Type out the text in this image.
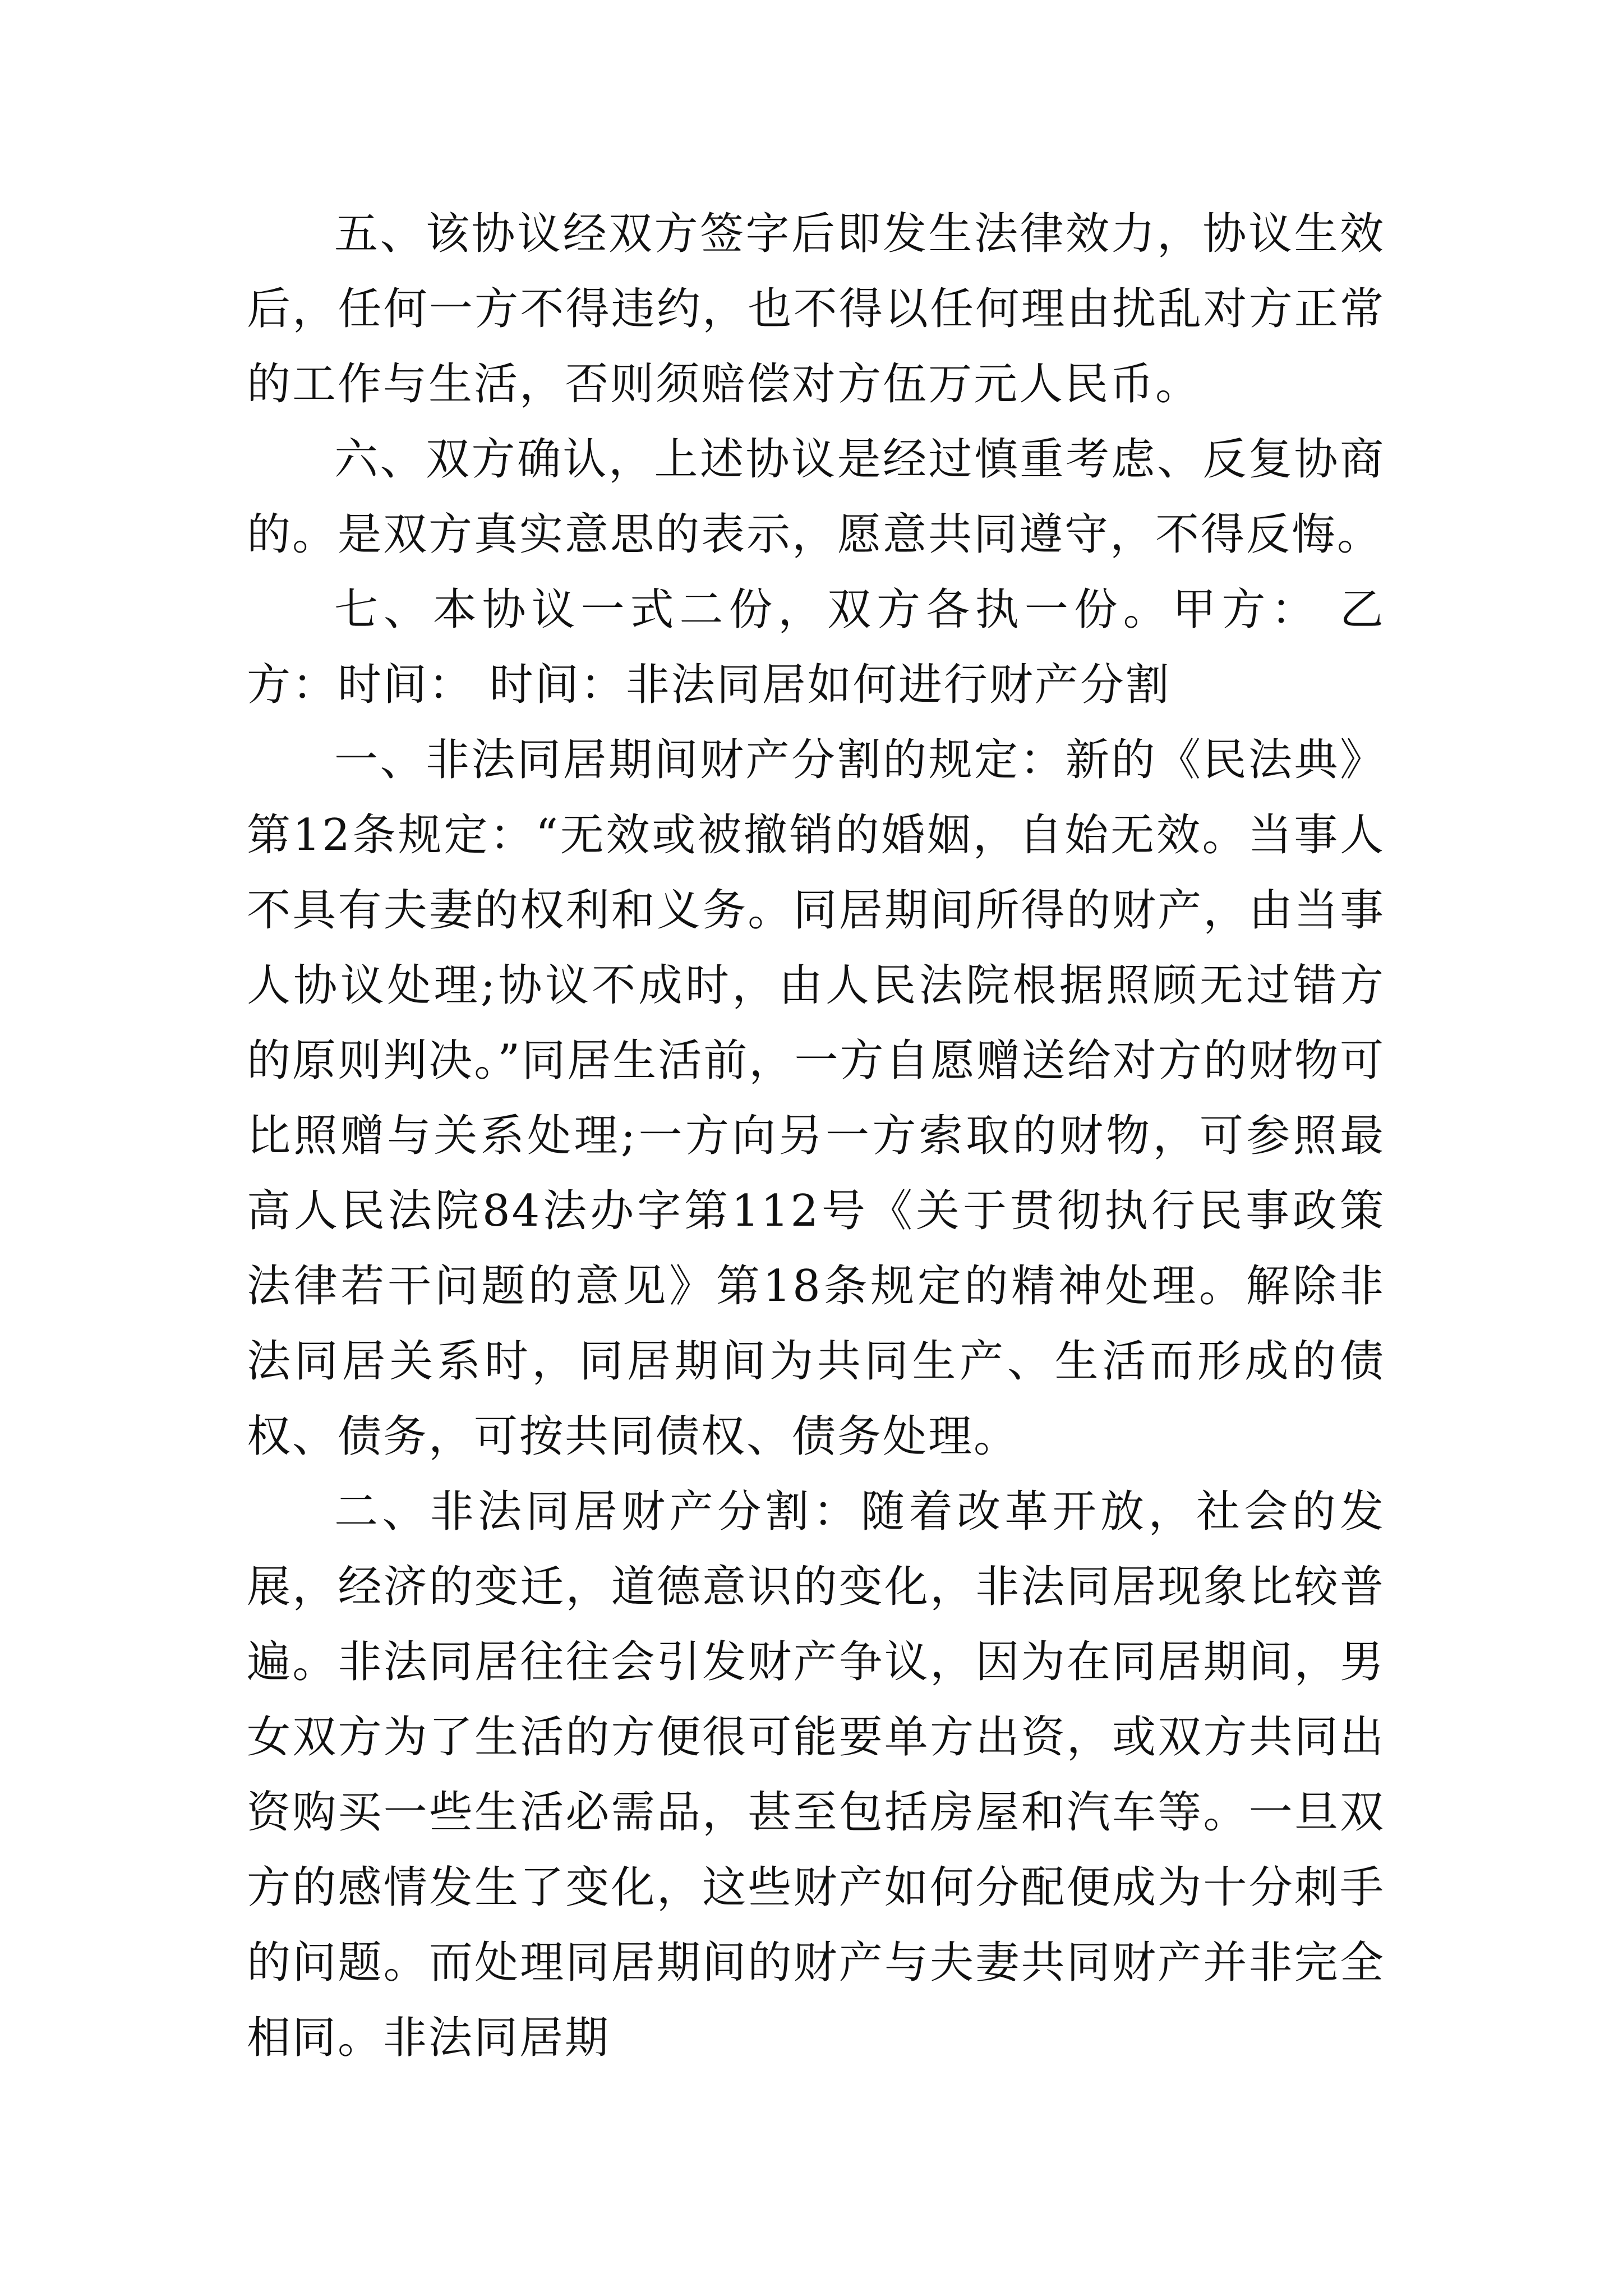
五、该协议经双方签字后即发生法律效力，协议生效后，任何一方不得违约，也不得以任何理由扰乱对方正常的工作与生活，否则须赔偿对方伍万元人民币。

六、双方确认，上述协议是经过慎重考虑、反复协商的。是双方真实意思的表示，愿意共同遵守，不得反悔。

七、本协议一式二份，双方各执一份。甲方： 乙方：时间： 时间：非法同居如何进行财产分割

一、非法同居期间财产分割的规定：新的《民法典》第12条规定：“无效或被撤销的婚姻，自始无效。当事人不具有夫妻的权利和义务。同居期间所得的财产，由当事人协议处理;协议不成时，由人民法院根据照顾无过错方的原则判决。”同居生活前，一方自愿赠送给对方的财物可比照赠与关系处理;一方向另一方索取的财物，可参照最高人民法院84法办字第112号《关于贯彻执行民事政策法律若干问题的意见》第18条规定的精神处理。解除非法同居关系时，同居期间为共同生产、生活而形成的债权、债务，可按共同债权、债务处理。

二、非法同居财产分割：随着改革开放，社会的发展，经济的变迁，道德意识的变化，非法同居现象比较普遍。非法同居往往会引发财产争议，因为在同居期间，男女双方为了生活的方便很可能要单方出资，或双方共同出资购买一些生活必需品，甚至包括房屋和汽车等。一旦双方的感情发生了变化，这些财产如何分配便成为十分刺手的问题。而处理同居期间的财产与夫妻共同财产并非完全相同。非法同居期
